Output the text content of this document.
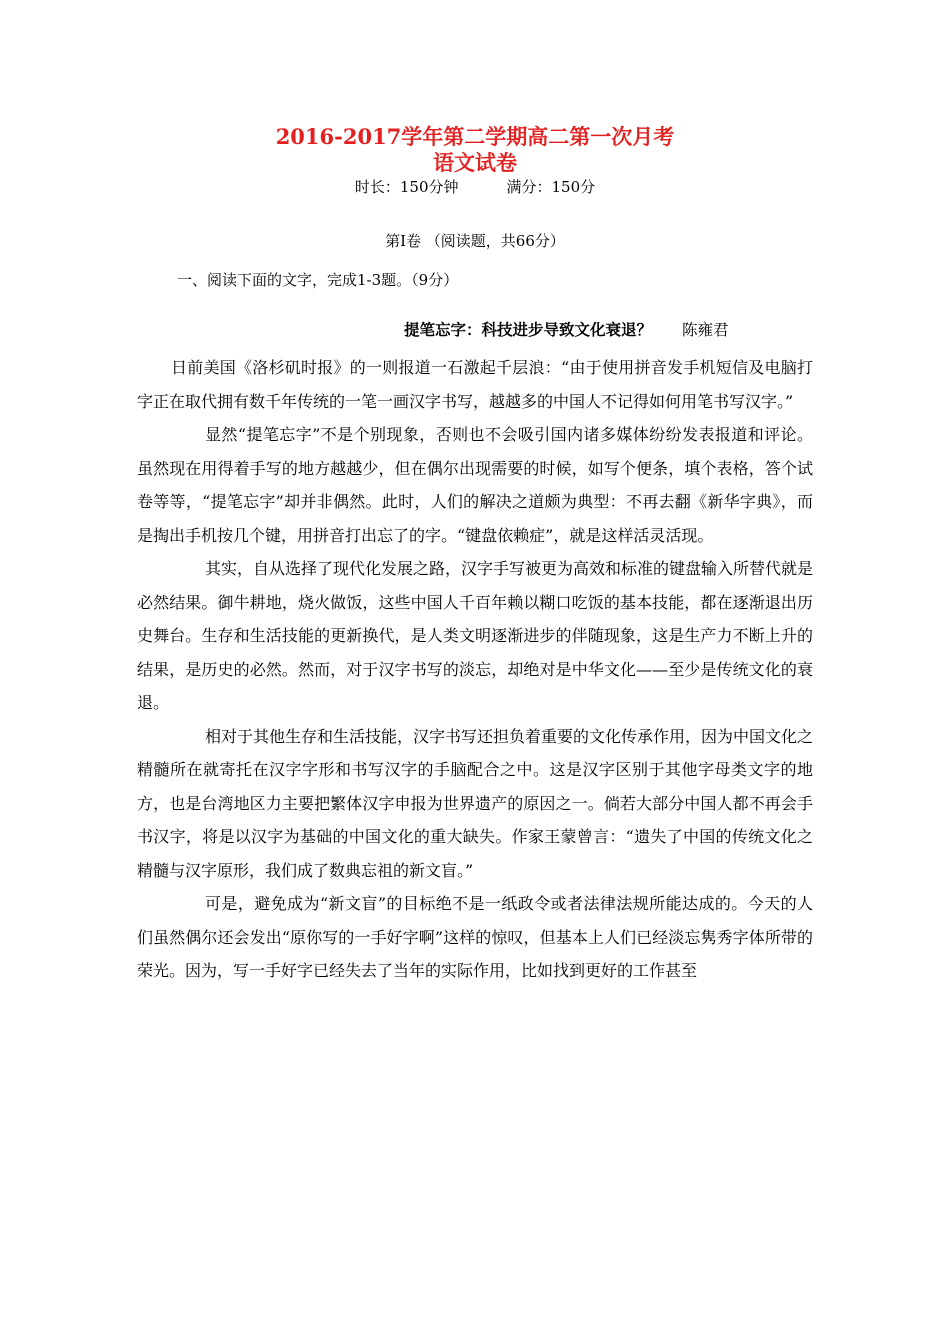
2016-2017学年第二学期高二第一次月考
语文试卷
时长：150分钟	满分：150分
第Ⅰ卷 （阅读题，共66分）
一、阅读下面的文字，完成1-3题。（9分）
提笔忘字：科技进步导致文化衰退？ 陈雍君

日前美国《洛杉矶时报》的一则报道一石激起千层浪：“由于使用拼音发手机短信及电脑打字正在取代拥有数千年传统的一笔一画汉字书写，越越多的中国人不记得如何用笔书写汉字。”

显然“提笔忘字”不是个别现象，否则也不会吸引国内诸多媒体纷纷发表报道和评论。虽然现在用得着手写的地方越越少，但在偶尔出现需要的时候，如写个便条，填个表格，答个试卷等等，“提笔忘字”却并非偶然。此时，人们的解决之道颇为典型：不再去翻《新华字典》，而是掏出手机按几个键，用拼音打出忘了的字。“键盘依赖症”，就是这样活灵活现。

其实，自从选择了现代化发展之路，汉字手写被更为高效和标准的键盘输入所替代就是必然结果。御牛耕地，烧火做饭，这些中国人千百年赖以糊口吃饭的基本技能，都在逐渐退出历史舞台。生存和生活技能的更新换代，是人类文明逐渐进步的伴随现象，这是生产力不断上升的结果，是历史的必然。然而，对于汉字书写的淡忘，却绝对是中华文化——至少是传统文化的衰退。

相对于其他生存和生活技能，汉字书写还担负着重要的文化传承作用，因为中国文化之精髓所在就寄托在汉字字形和书写汉字的手脑配合之中。这是汉字区别于其他字母类文字的地方，也是台湾地区力主要把繁体汉字申报为世界遗产的原因之一。倘若大部分中国人都不再会手书汉字，将是以汉字为基础的中国文化的重大缺失。作家王蒙曾言：“遗失了中国的传统文化之精髓与汉字原形，我们成了数典忘祖的新文盲。”

可是，避免成为“新文盲”的目标绝不是一纸政令或者法律法规所能达成的。今天的人们虽然偶尔还会发出“原你写的一手好字啊”这样的惊叹，但基本上人们已经淡忘隽秀字体所带的荣光。因为，写一手好字已经失去了当年的实际作用，比如找到更好的工作甚至
